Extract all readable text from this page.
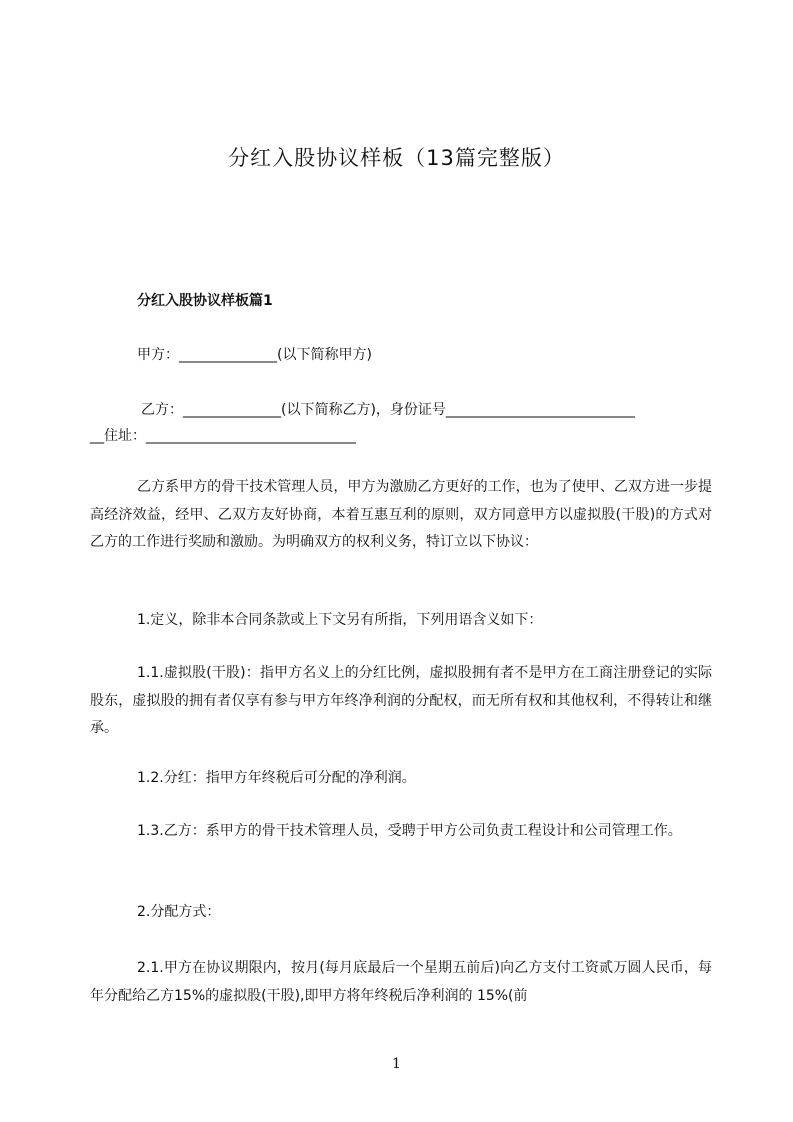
分红入股协议样板（13篇完整版）
分红入股协议样板篇1
甲方：______________(以下简称甲方)
乙方：______________(以下简称乙方)，身份证号___________________________
__住址：______________________________

乙方系甲方的骨干技术管理人员，甲方为激励乙方更好的工作，也为了使甲、乙双方进一步提高经济效益，经甲、乙双方友好协商，本着互惠互利的原则，双方同意甲方以虚拟股(干股)的方式对乙方的工作进行奖励和激励。为明确双方的权利义务，特订立以下协议：

1.定义，除非本合同条款或上下文另有所指，下列用语含义如下：

1.1.虚拟股(干股)：指甲方名义上的分红比例，虚拟股拥有者不是甲方在工商注册登记的实际股东，虚拟股的拥有者仅享有参与甲方年终净利润的分配权，而无所有权和其他权利，不得转让和继承。

1.2.分红：指甲方年终税后可分配的净利润。

1.3.乙方：系甲方的骨干技术管理人员，受聘于甲方公司负责工程设计和公司管理工作。

2.分配方式：

2.1.甲方在协议期限内，按月(每月底最后一个星期五前后)向乙方支付工资贰万圆人民币，每年分配给乙方15%的虚拟股(干股),即甲方将年终税后净利润的 15%(前

1
